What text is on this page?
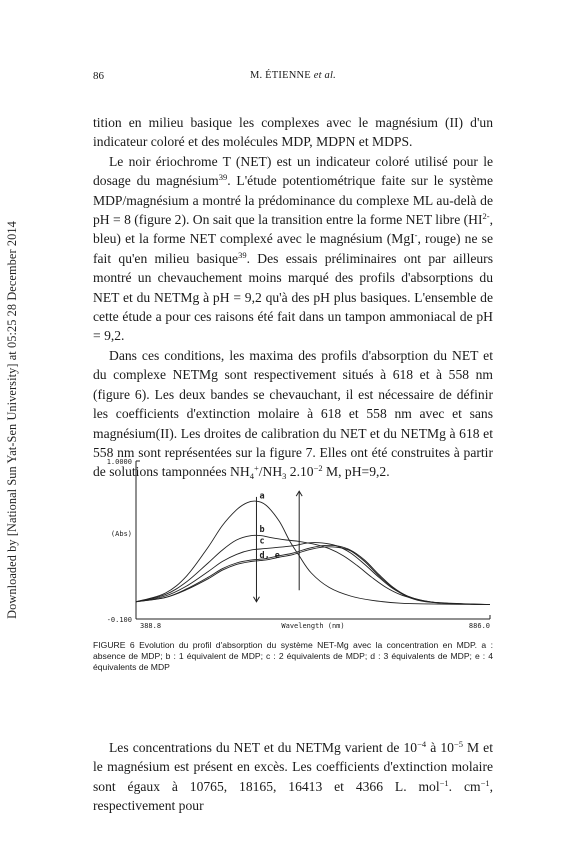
Downloaded by [National Sun Yat-Sen University] at 05:25 28 December 2014
86	M. ÉTIENNE et al.

tition en milieu basique les complexes avec le magnésium (II) d'un indicateur coloré et des molécules MDP, MDPN et MDPS.

Le noir ériochrome T (NET) est un indicateur coloré utilisé pour le dosage du magnésium$^{39}$. L'étude potentiométrique faite sur le système MDP/magnésium a montré la prédominance du complexe ML au-delà de pH = 8 (figure 2). On sait que la transition entre la forme NET libre ($HI^{2-}$, bleu) et la forme NET complexé avec le magnésium (MgI-, rouge) ne se fait qu'en milieu basique$^{39}$. Des essais préliminaires ont par ailleurs montré un chevauchement moins marqué des profils d'absorptions du NET et du NETMg à pH = 9,2 qu'à des pH plus basiques. L'ensemble de cette étude a pour ces raisons été fait dans un tampon ammoniacal de pH = 9,2.

Dans ces conditions, les maxima des profils d'absorption du NET et du complexe NETMg sont respectivement situés à 618 et à 558 nm (figure 6). Les deux bandes se chevauchant, il est nécessaire de définir les coefficients d'extinction molaire à 618 et 558 nm avec et sans magnésium(II). Les droites de calibration du NET et du NETMg à 618 et 558 nm sont représentées sur la figure 7. Elles ont été construites à partir de solutions tamponnées $NH_4^+/NH_3$ $2.10^{-2}$ M, pH=9,2.

1.0000
-0.100
(Abs)
388.8	886.0
Wavelength (nm)
a
b
c
d, e
FIGURE 6 Evolution du profil d'absorption du système NET-Mg avec la concentration en MDP. a : absence de MDP; b : 1 équivalent de MDP; c : 2 équivalents de MDP; d : 3 équivalents de MDP; e : 4 équivalents de MDP

Les concentrations du NET et du NETMg varient de $10^{-4}$ à $10^{-5}$ M et le magnésium est présent en excès. Les coefficients d'extinction molaire sont égaux à 10765, 18165, 16413 et 4366 L. mol$^{-1}$. $cm^{-1}$, respectivement pour
